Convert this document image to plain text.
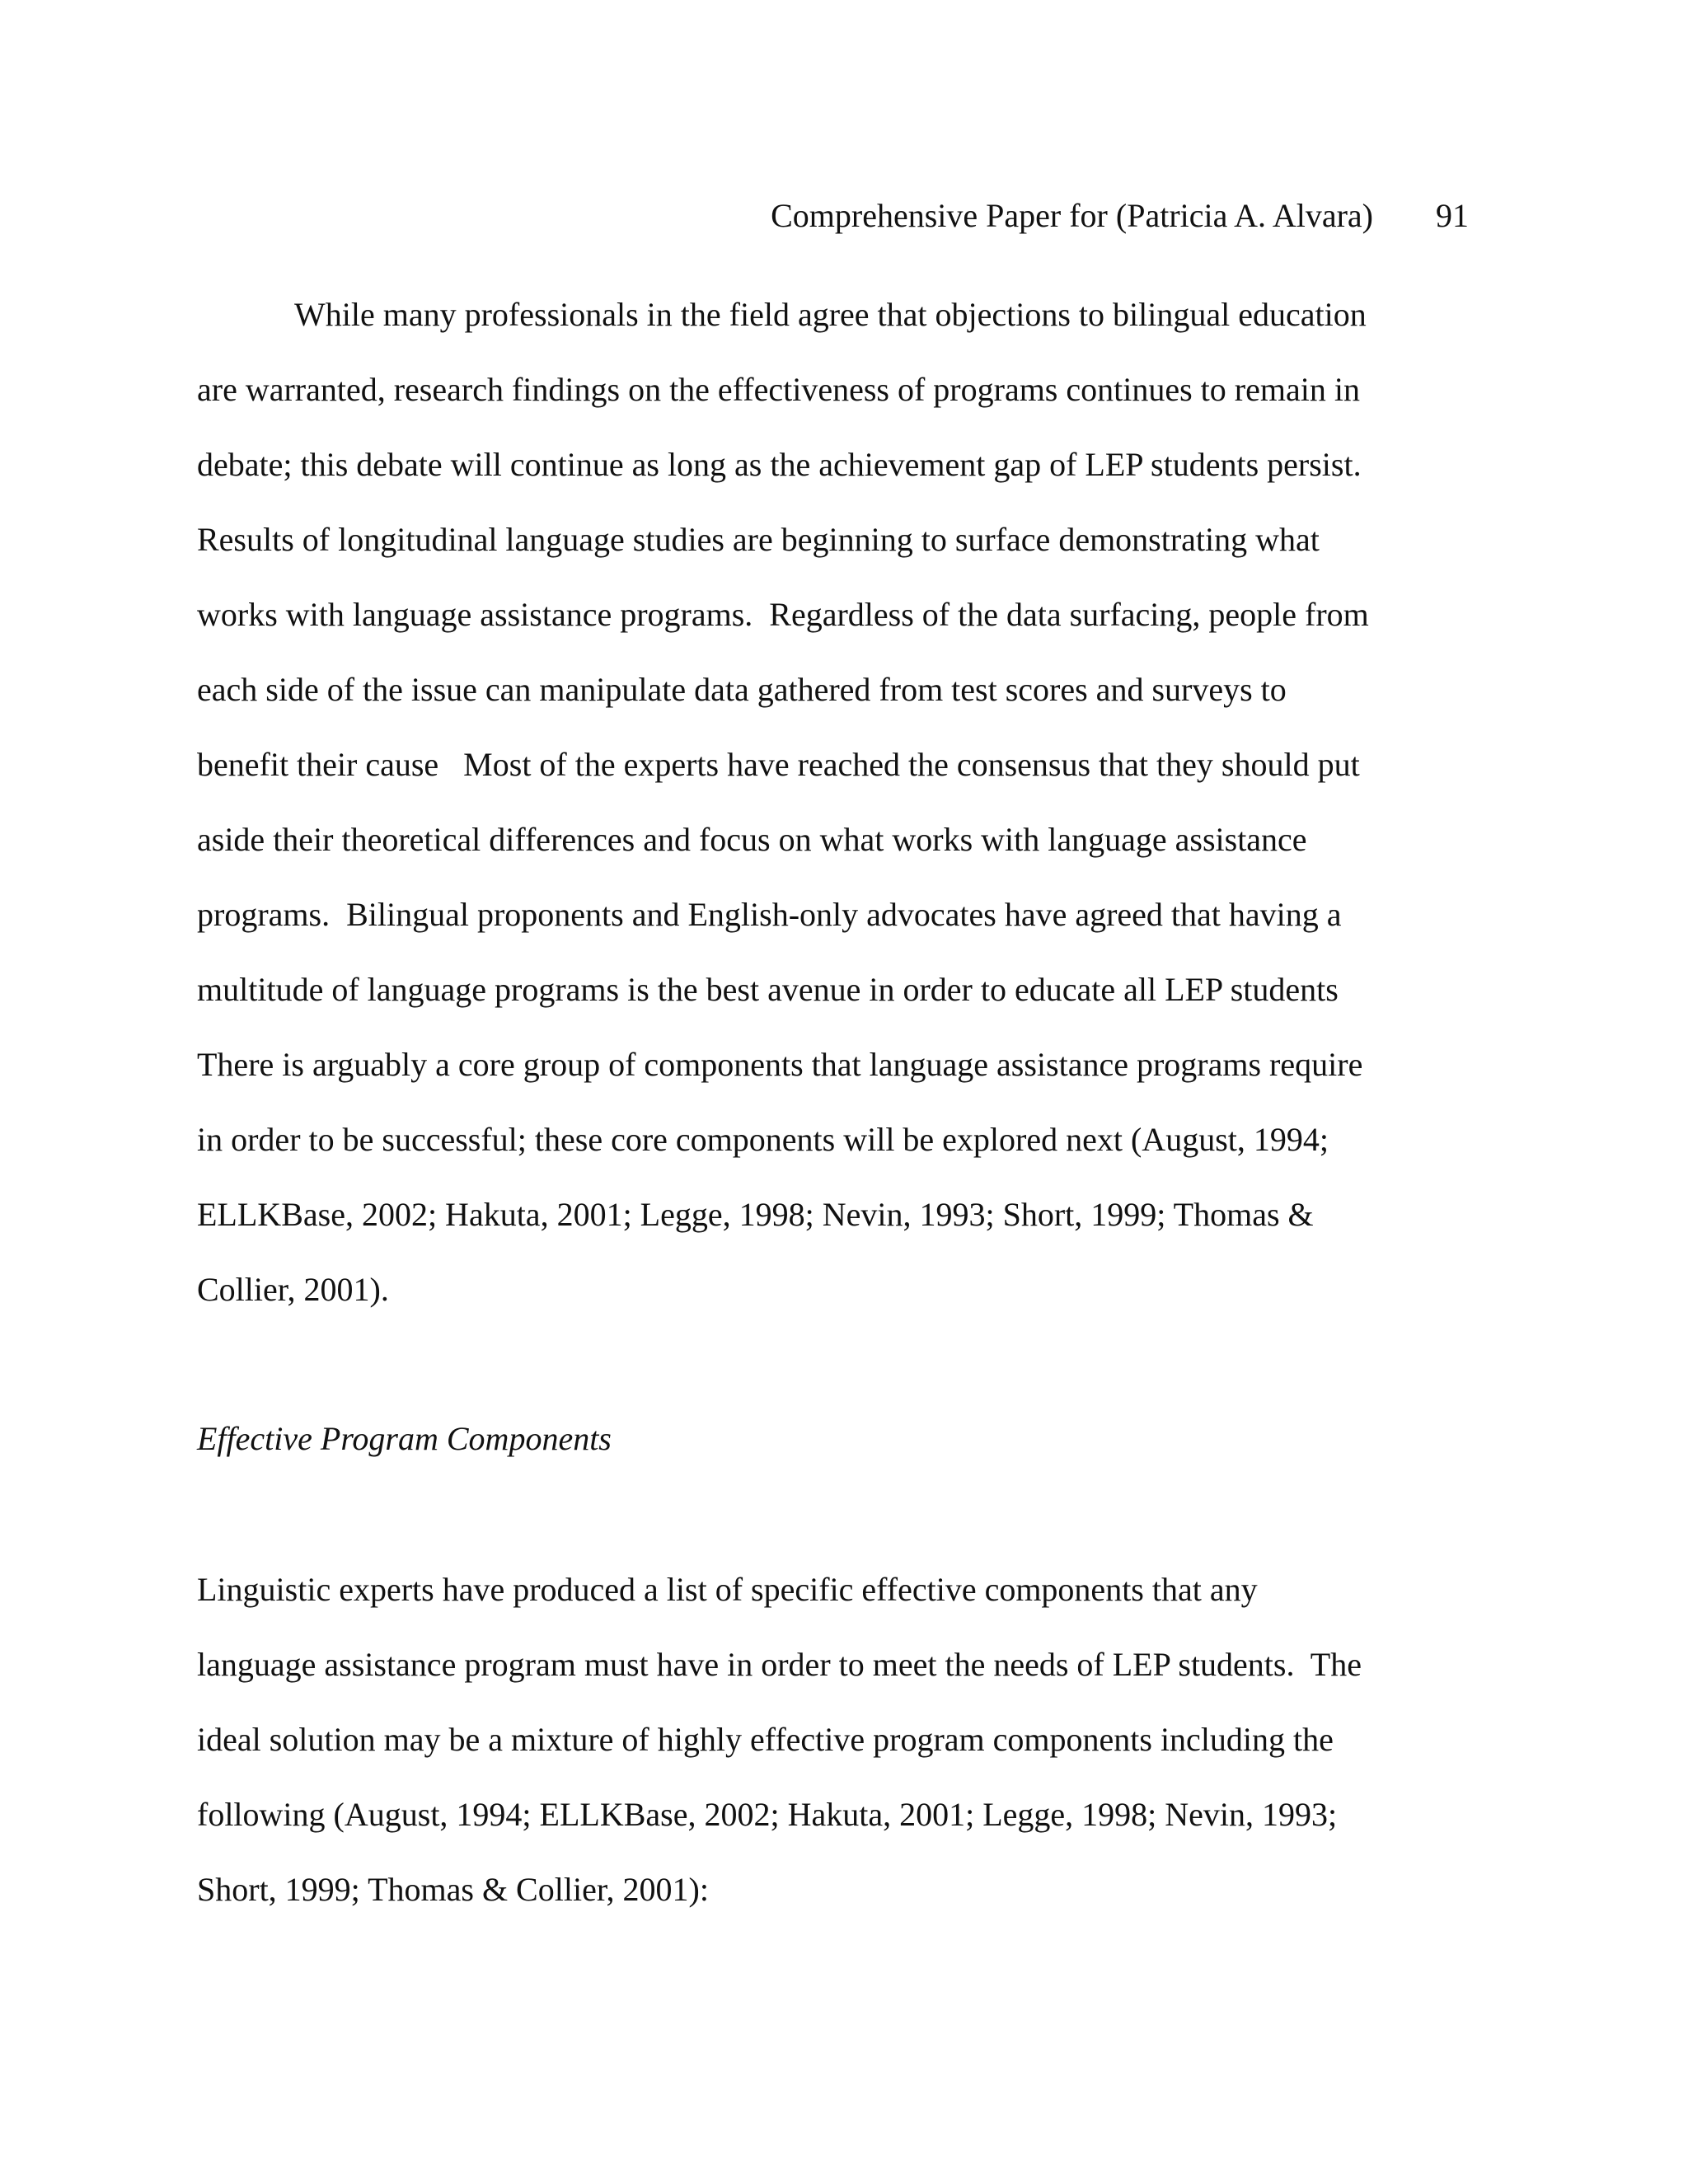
Comprehensive Paper for (Patricia A. Alvara) 91
While many professionals in the field agree that objections to bilingual education
are warranted, research findings on the effectiveness of programs continues to remain in
debate; this debate will continue as long as the achievement gap of LEP students persist.
Results of longitudinal language studies are beginning to surface demonstrating what
works with language assistance programs.  Regardless of the data surfacing, people from
each side of the issue can manipulate data gathered from test scores and surveys to
benefit their cause   Most of the experts have reached the consensus that they should put
aside their theoretical differences and focus on what works with language assistance
programs.  Bilingual proponents and English-only advocates have agreed that having a
multitude of language programs is the best avenue in order to educate all LEP students
There is arguably a core group of components that language assistance programs require
in order to be successful; these core components will be explored next (August, 1994;
ELLKBase, 2002; Hakuta, 2001; Legge, 1998; Nevin, 1993; Short, 1999; Thomas &
Collier, 2001).
Effective Program Components
Linguistic experts have produced a list of specific effective components that any
language assistance program must have in order to meet the needs of LEP students.  The
ideal solution may be a mixture of highly effective program components including the
following (August, 1994; ELLKBase, 2002; Hakuta, 2001; Legge, 1998; Nevin, 1993;
Short, 1999; Thomas & Collier, 2001):
